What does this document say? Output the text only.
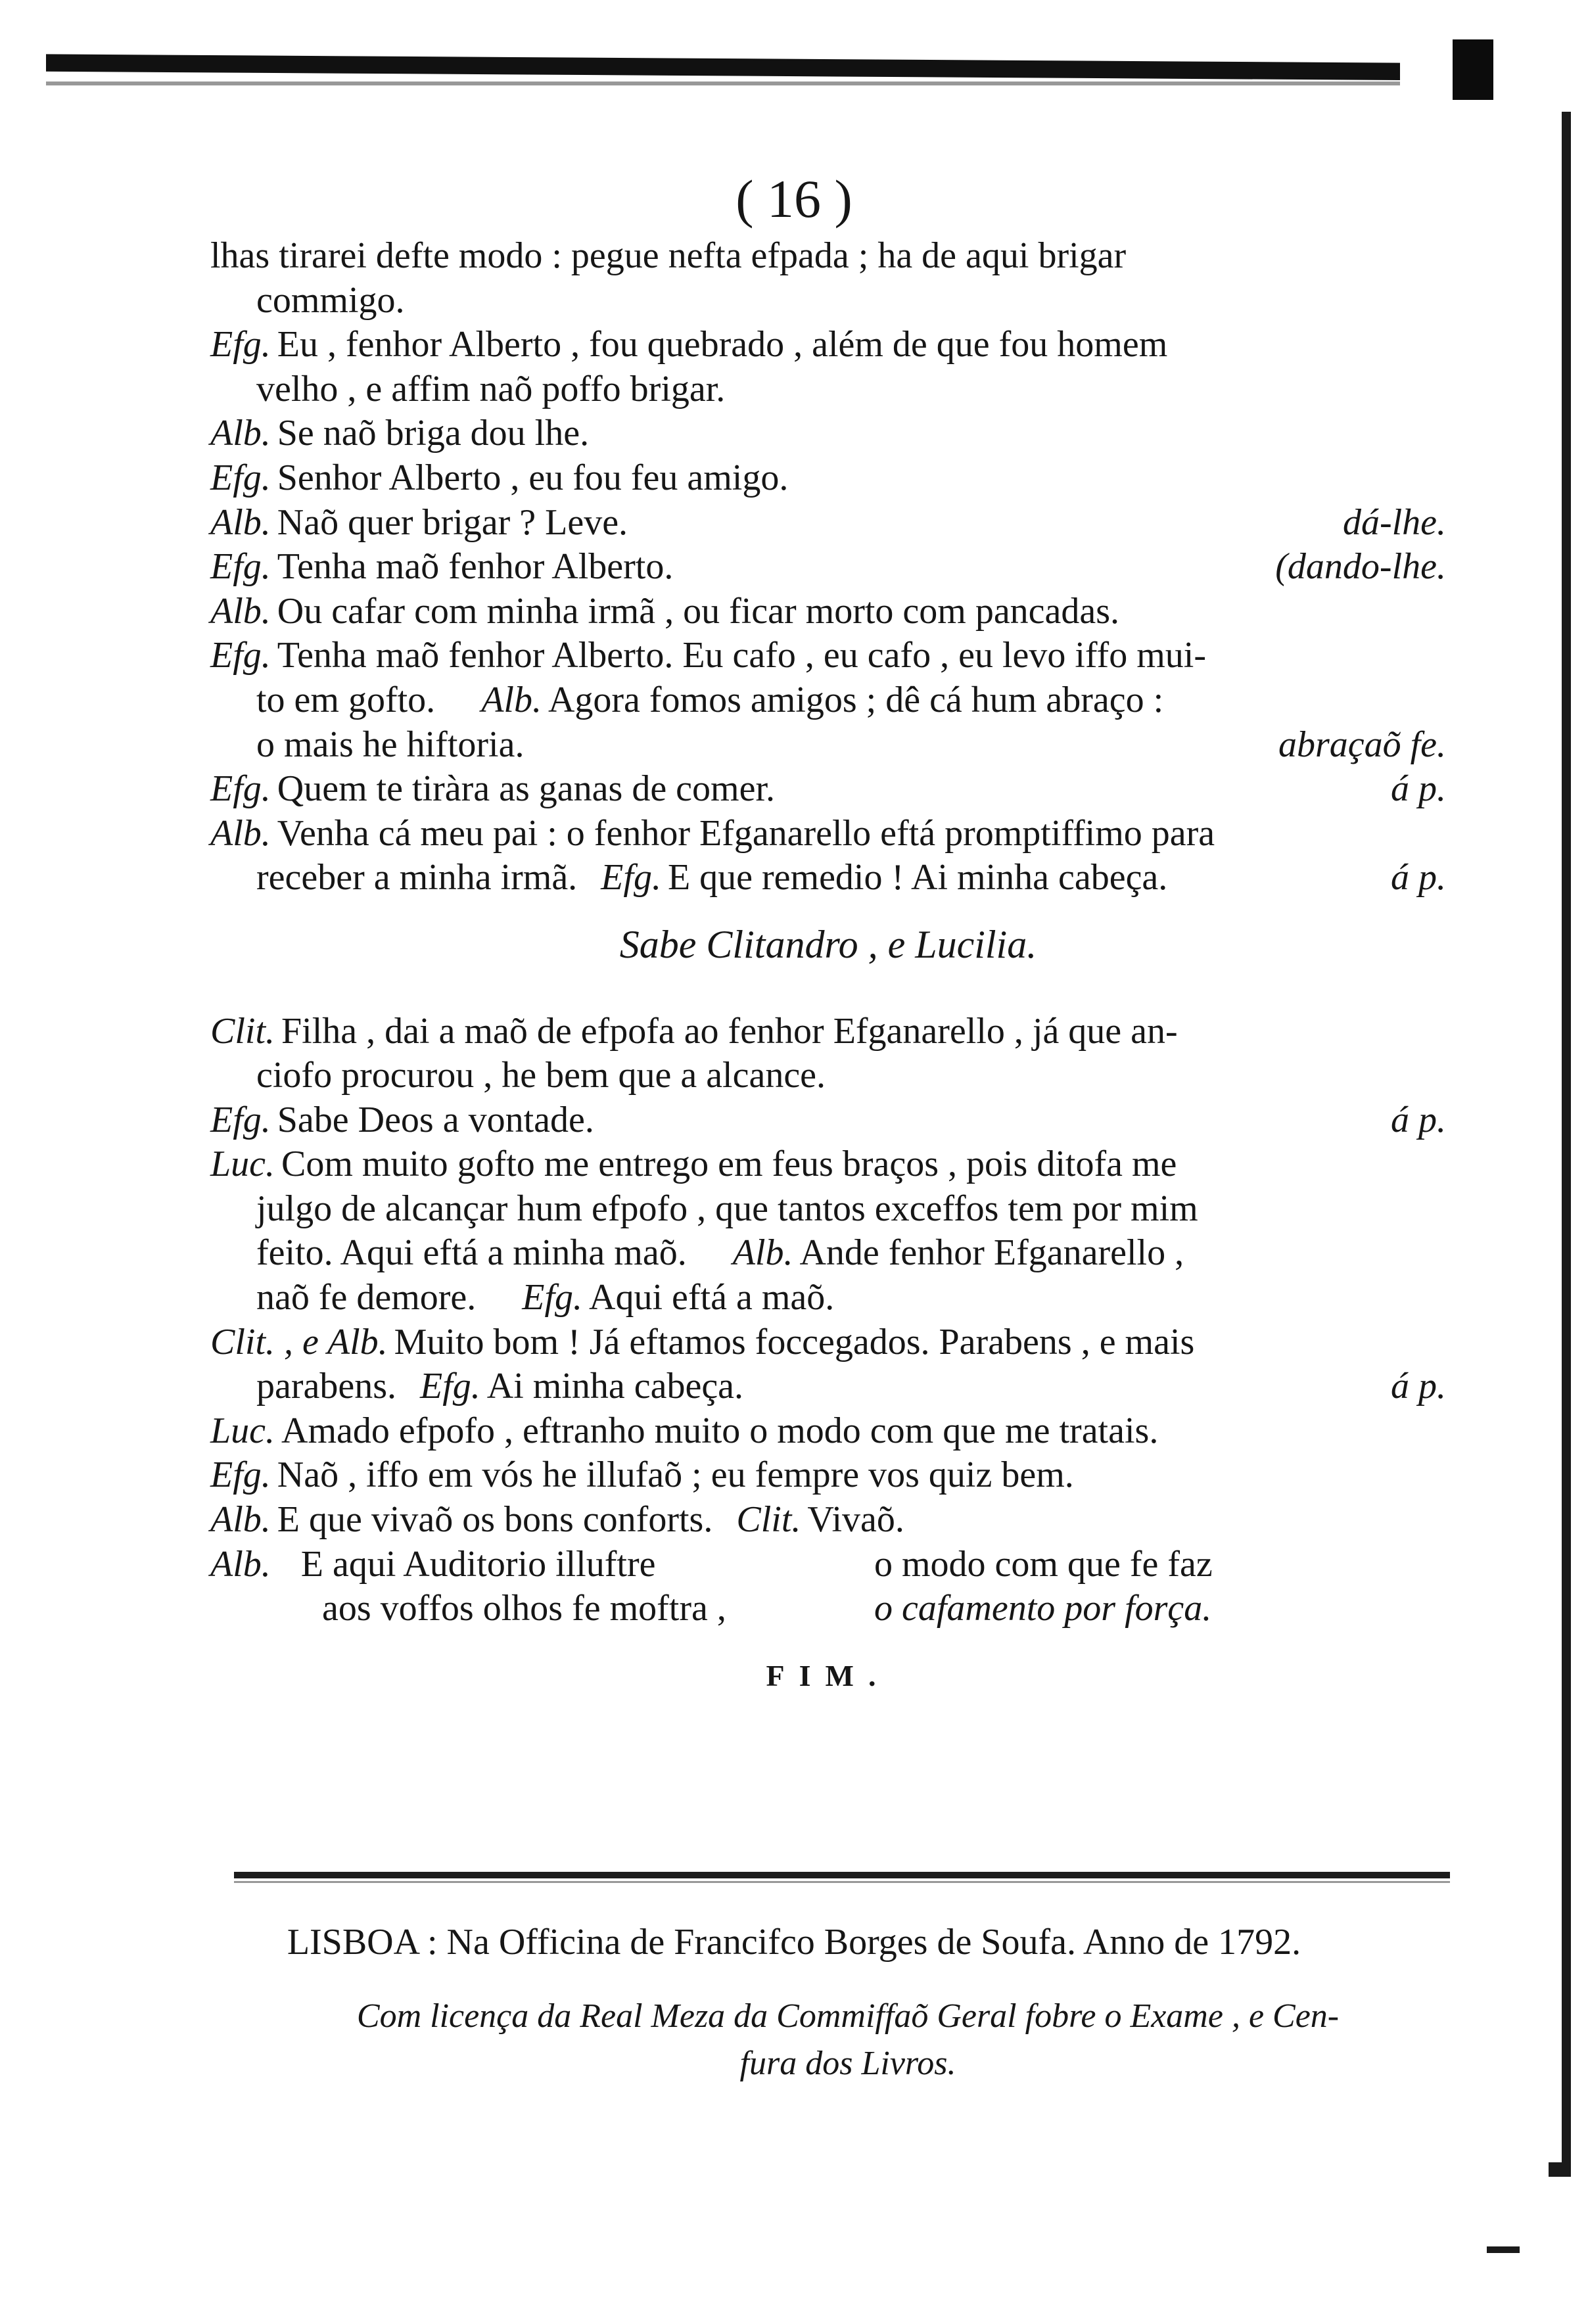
( 16 )
lhas tirarei defte modo : pegue nefta efpada ; ha de aqui brigar
commigo.
Efg. Eu , fenhor Alberto , fou quebrado , além de que fou homem
velho , e affim naõ poffo brigar.
Alb. Se naõ briga dou lhe.
Efg. Senhor Alberto , eu fou feu amigo.
Alb. Naõ quer brigar ? Leve.	dá-lhe.
Efg. Tenha maõ fenhor Alberto.	(dando-lhe.
Alb. Ou cafar com minha irmã , ou ficar morto com pancadas.
Efg. Tenha maõ fenhor Alberto. Eu cafo , eu cafo , eu levo iffo mui-
to em gofto. Alb. Agora fomos amigos ; dê cá hum abraço :
o mais he hiftoria.	abraçaõ fe.
Efg. Quem te tiràra as ganas de comer.	á p.
Alb. Venha cá meu pai : o fenhor Efganarello eftá promptiffimo para
receber a minha irmã. Efg. E que remedio ! Ai minha cabeça.	á p.
Sabe Clitandro , e Lucilia.
Clit. Filha , dai a maõ de efpofa ao fenhor Efganarello , já que an-
ciofo procurou , he bem que a alcance.
Efg. Sabe Deos a vontade.	á p.
Luc. Com muito gofto me entrego em feus braços , pois ditofa me
julgo de alcançar hum efpofo , que tantos exceffos tem por mim
feito. Aqui eftá a minha maõ. Alb. Ande fenhor Efganarello ,
naõ fe demore. Efg. Aqui eftá a maõ.
Clit. , e Alb. Muito bom ! Já eftamos foccegados. Parabens , e mais
parabens. Efg. Ai minha cabeça.	á p.
Luc. Amado efpofo , eftranho muito o modo com que me tratais.
Efg. Naõ , iffo em vós he illufaõ ; eu fempre vos quiz bem.
Alb. E que vivaõ os bons conforts. Clit. Vivaõ.
Alb. E aqui Auditorio illuftre	o modo com que fe faz
aos voffos olhos fe moftra ,	o cafamento por força.
FIM.
LISBOA : Na Officina de Francifco Borges de Soufa. Anno de 1792.
Com licença da Real Meza da Commiffaõ Geral fobre o Exame , e Cen-
fura dos Livros.
